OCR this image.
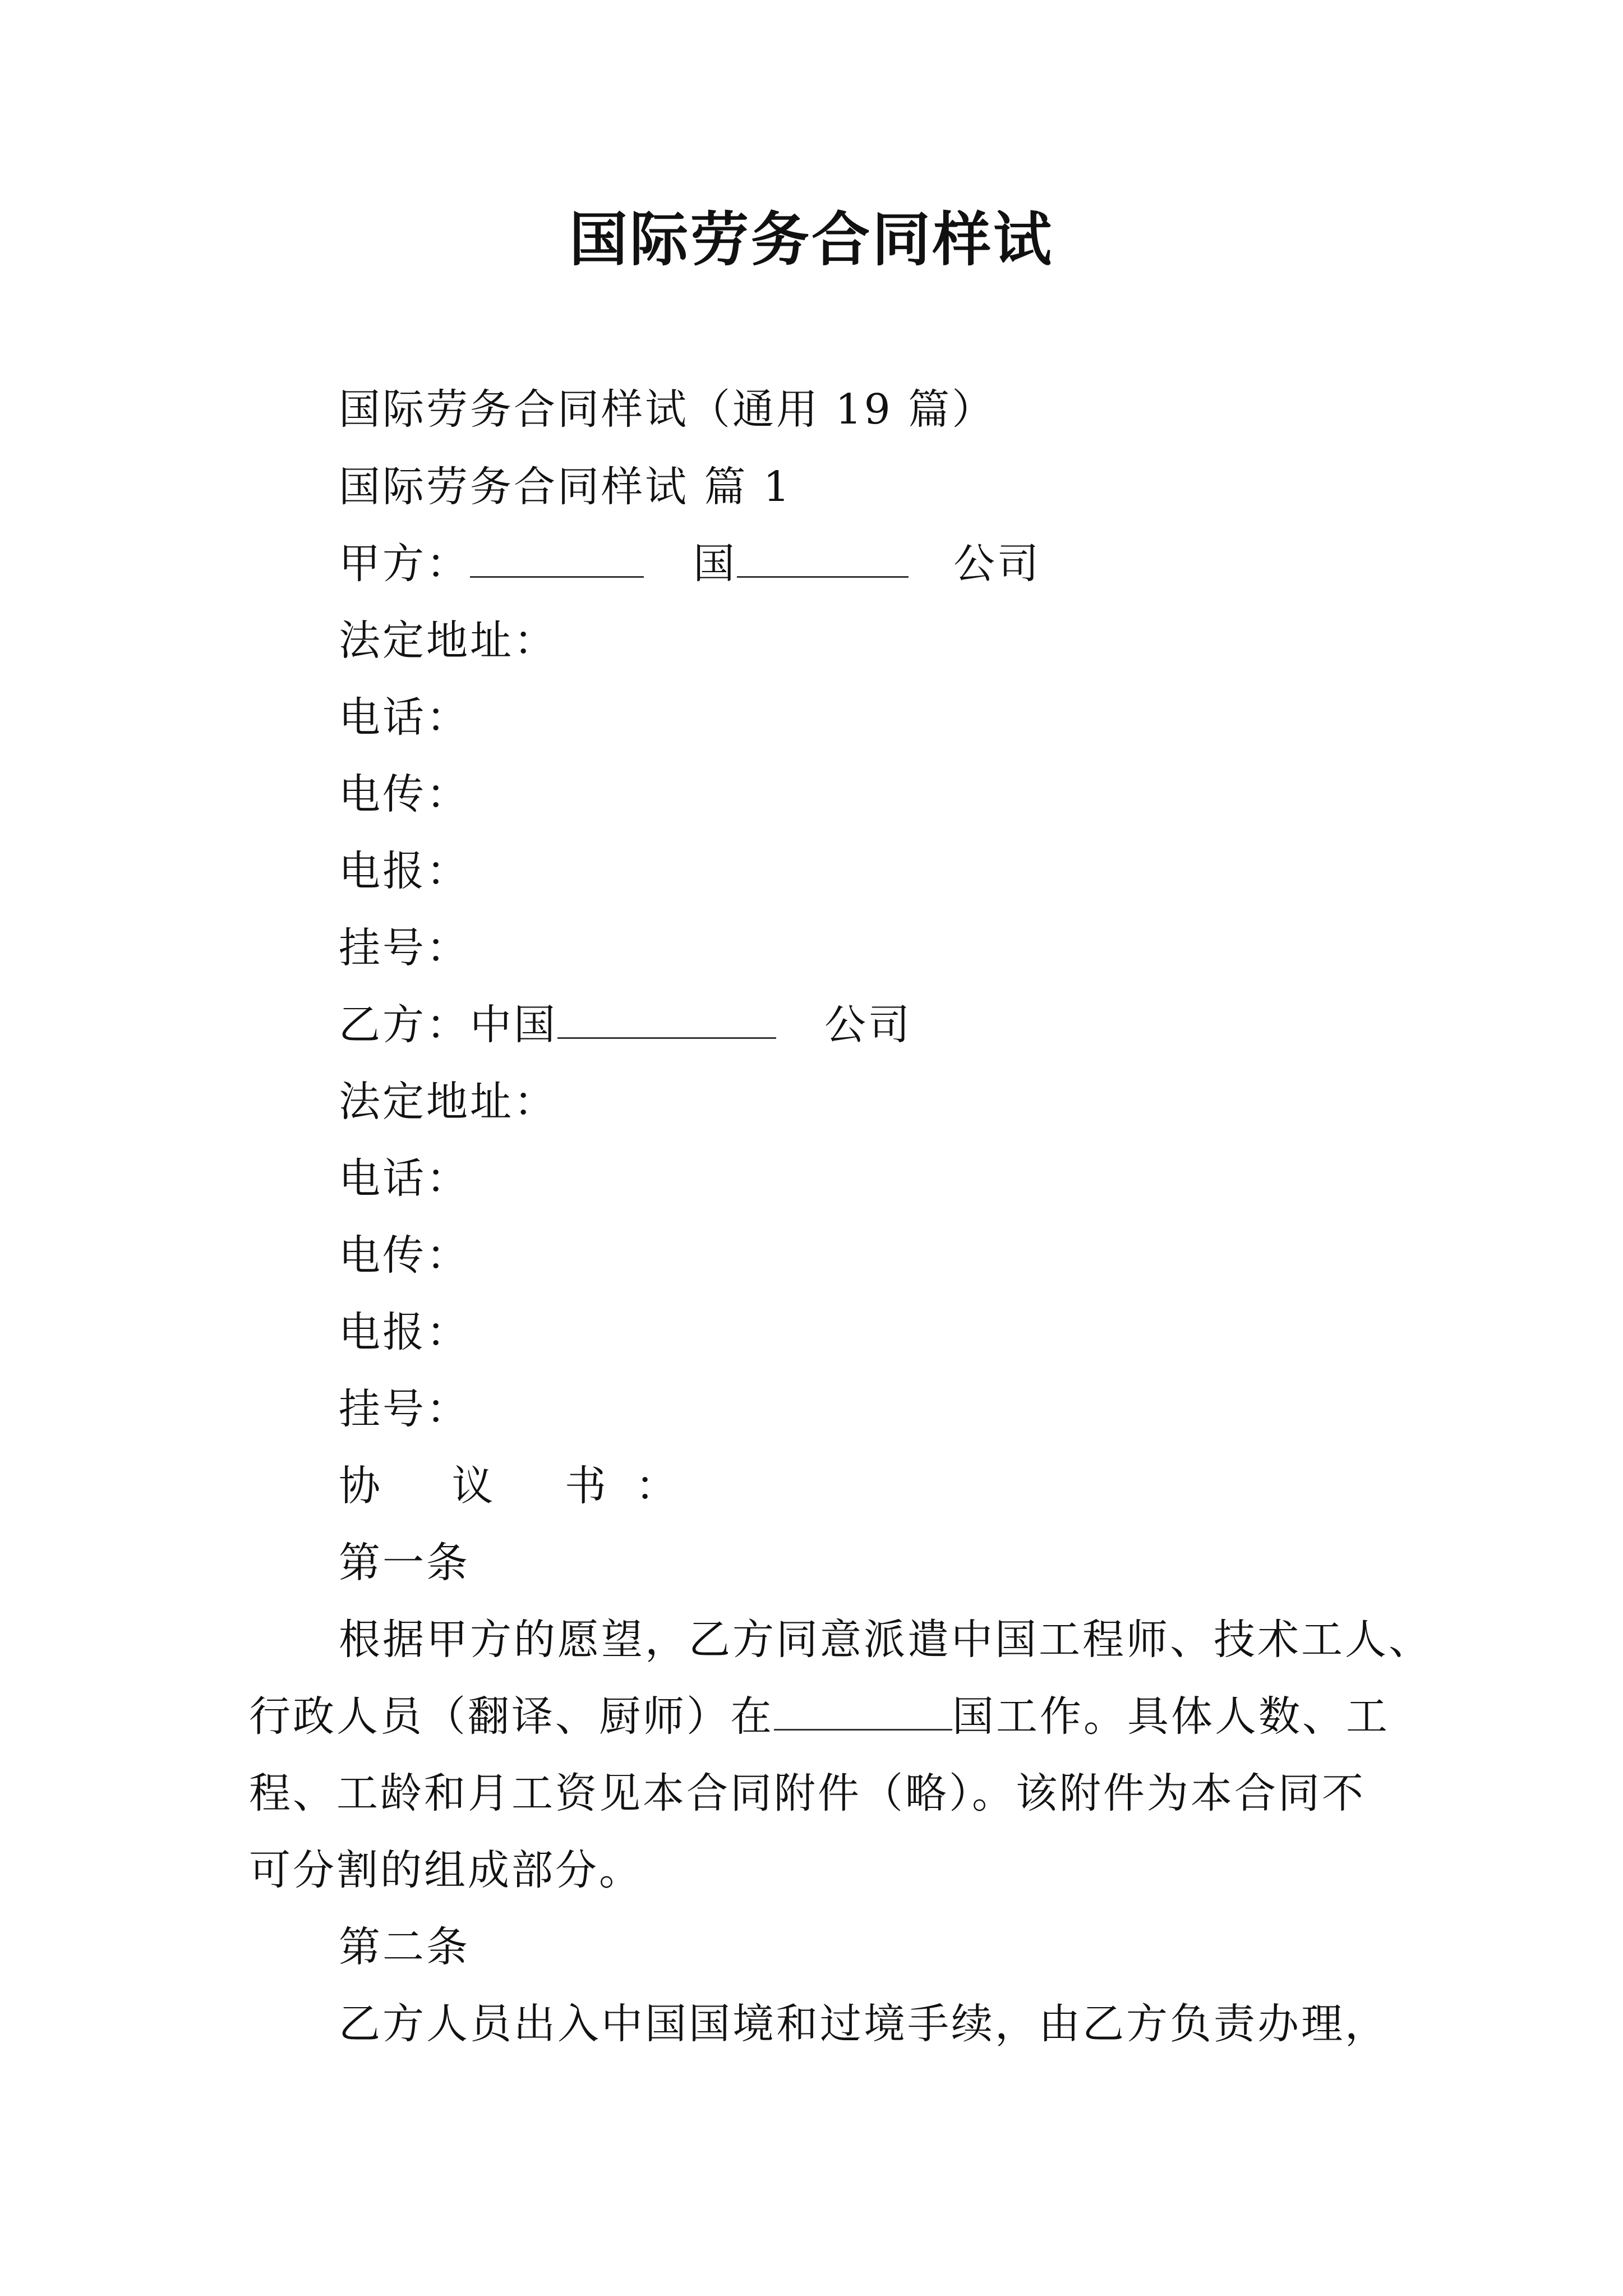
国际劳务合同样试
国际劳务合同样试（通用 19 篇）
国际劳务合同样试 篇 1
甲方：	国	公司
法定地址：
电话：
电传：
电报：
挂号：
乙方：中国	公司
法定地址：
电话：
电传：
电报：
挂号：
协 议 书：
第一条
根据甲方的愿望，乙方同意派遣中国工程师、技术工人、
行政人员（翻译、厨师）在	国工作。具体人数、工
程、工龄和月工资见本合同附件（略）。该附件为本合同不
可分割的组成部分。
第二条
乙方人员出入中国国境和过境手续，由乙方负责办理，
